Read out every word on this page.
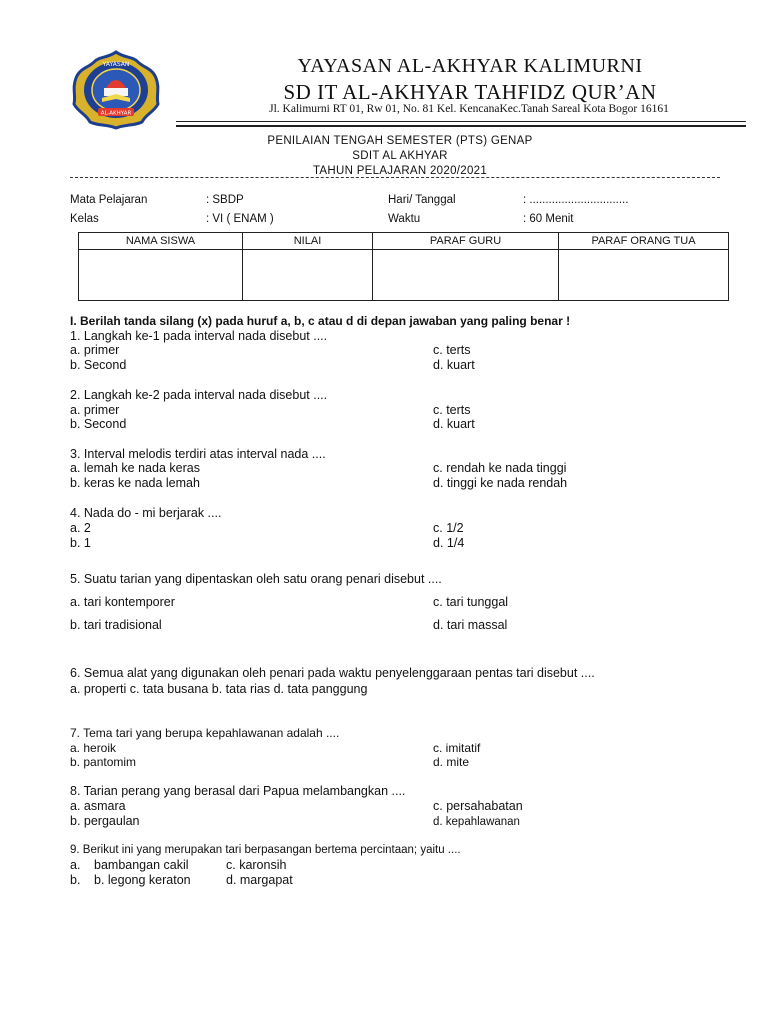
AL-AKHYAR
YAYASAN	YAYASAN AL-AKHYAR KALIMURNI
SD IT AL-AKHYAR TAHFIDZ QUR’AN
Jl. Kalimurni RT 01, Rw 01, No. 81 Kel. KencanaKec.Tanah Sareal Kota Bogor 16161
PENILAIAN TENGAH SEMESTER (PTS) GENAP
SDIT AL AKHYAR
TAHUN PELAJARAN 2020/2021
Mata Pelajaran	: SBDP	Hari/ Tanggal	: ...............................
Kelas	: VI ( ENAM )	Waktu	: 60 Menit
NAMA SISWA	NILAI	PARAF GURU	PARAF ORANG TUA

I. Berilah tanda silang (x) pada huruf a, b, c atau d di depan jawaban yang paling benar !
1. Langkah ke-1 pada interval nada disebut ....
a. primer	c. terts
b. Second	d. kuart
2. Langkah ke-2 pada interval nada disebut ....
a. primer	c. terts
b. Second	d. kuart
3. Interval melodis terdiri atas interval nada ....
a. lemah ke nada keras	c. rendah ke nada tinggi
b. keras ke nada lemah	d. tinggi ke nada rendah
4. Nada do - mi berjarak ....
a. 2	c. 1/2
b. 1	d. 1/4
5. Suatu tarian yang dipentaskan oleh satu orang penari disebut ....
a. tari kontemporer	c. tari tunggal
b. tari tradisional	d. tari massal
6. Semua alat yang digunakan oleh penari pada waktu penyelenggaraan pentas tari disebut ....
a. properti c. tata busana b. tata rias d. tata panggung
7. Tema tari yang berupa kepahlawanan adalah ....
a. heroik	c. imitatif
b. pantomim	d. mite
8. Tarian perang yang berasal dari Papua melambangkan ....
a. asmara	c. persahabatan
b. pergaulan	d. kepahlawanan
9. Berikut ini yang merupakan tari berpasangan bertema percintaan; yaitu ....
a. bambangan cakil	c. karonsih
b. b. legong keraton	d. margapat
